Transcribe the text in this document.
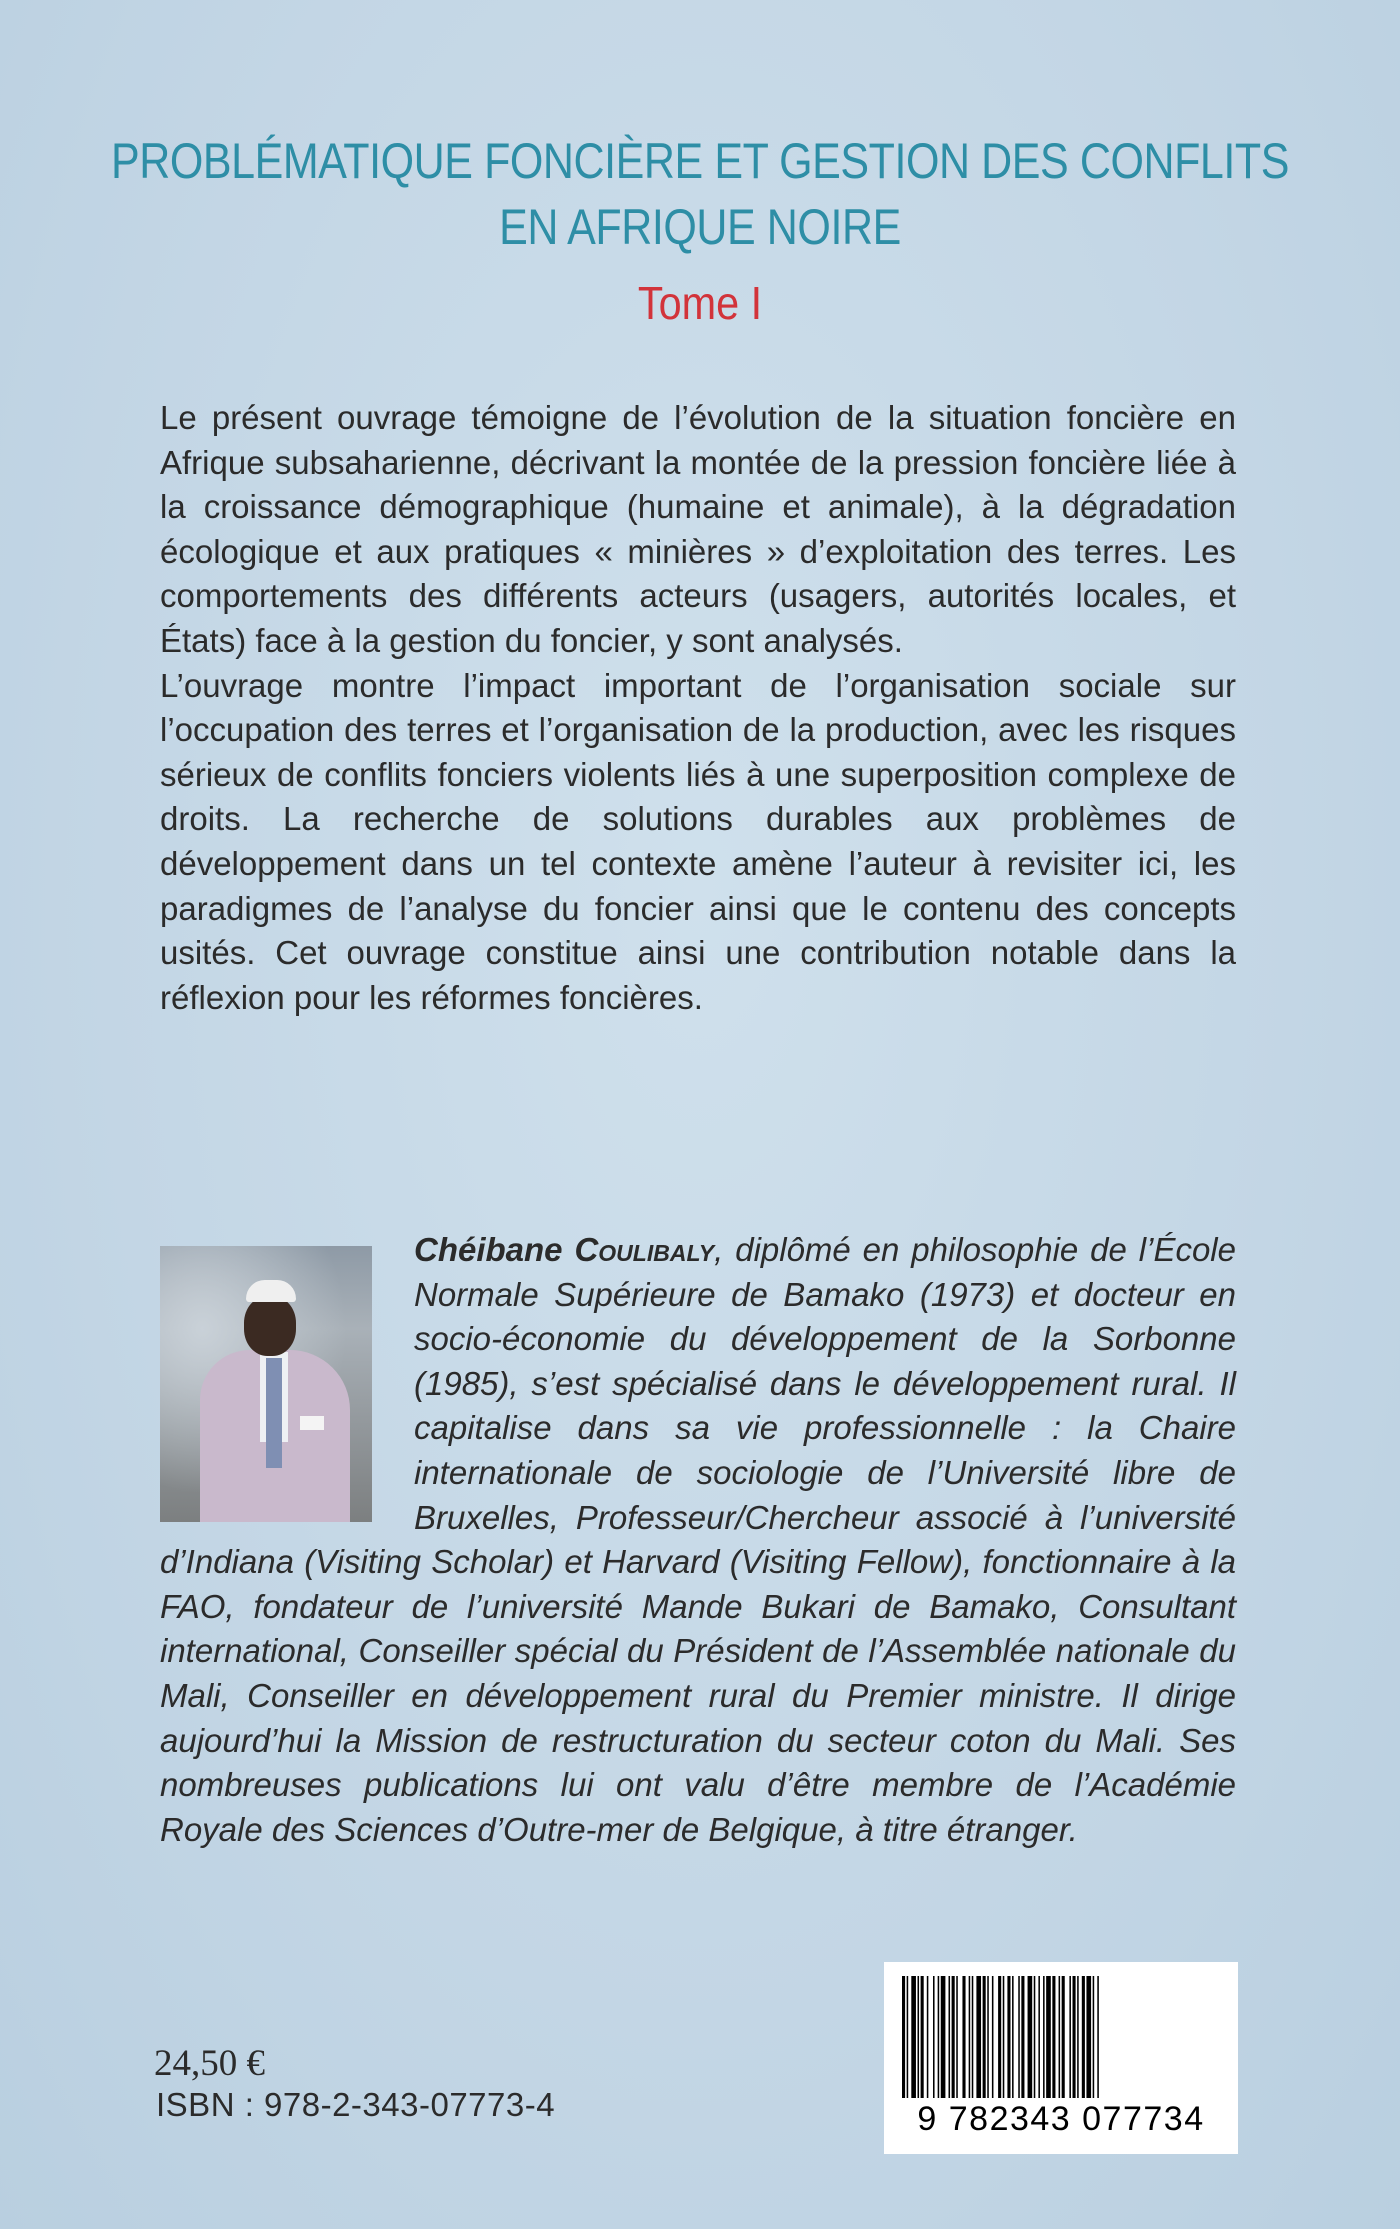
PROBLÉMATIQUE FONCIÈRE ET GESTION DES CONFLITS
EN AFRIQUE NOIRE
Tome I

Le présent ouvrage témoigne de l’évolution de la situation foncière en Afrique subsaharienne, décrivant la montée de la pression foncière liée à la croissance démographique (humaine et animale), à la dégradation écologique et aux pratiques « minières » d’exploitation des terres. Les comportements des différents acteurs (usagers, autorités locales, et États) face à la gestion du foncier, y sont analysés.

L’ouvrage montre l’impact important de l’organisation sociale sur l’occupation des terres et l’organisation de la production, avec les risques sérieux de conflits fonciers violents liés à une superposition complexe de droits. La recherche de solutions durables aux problèmes de développement dans un tel contexte amène l’auteur à revisiter ici, les paradigmes de l’analyse du foncier ainsi que le contenu des concepts usités. Cet ouvrage constitue ainsi une contribution notable dans la réflexion pour les réformes foncières.

Chéibane Coulibaly, diplômé en philosophie de l’École Normale Supérieure de Bamako (1973) et docteur en socio-économie du développement de la Sorbonne (1985), s’est spécialisé dans le développement rural. Il capitalise dans sa vie professionnelle : la Chaire internationale de sociologie de l’Université libre de Bruxelles, Professeur/Chercheur associé à l’université d’Indiana (Visiting Scholar) et Harvard (Visiting Fellow), fonctionnaire à la FAO, fondateur de l’université Mande Bukari de Bamako, Consultant international, Conseiller spécial du Président de l’Assemblée nationale du Mali, Conseiller en développement rural du Premier ministre. Il dirige aujourd’hui la Mission de restructuration du secteur coton du Mali. Ses nombreuses publications lui ont valu d’être membre de l’Académie Royale des Sciences d’Outre-mer de Belgique, à titre étranger.
24,50 €
ISBN : 978-2-343-07773-4	9 782343 077734
